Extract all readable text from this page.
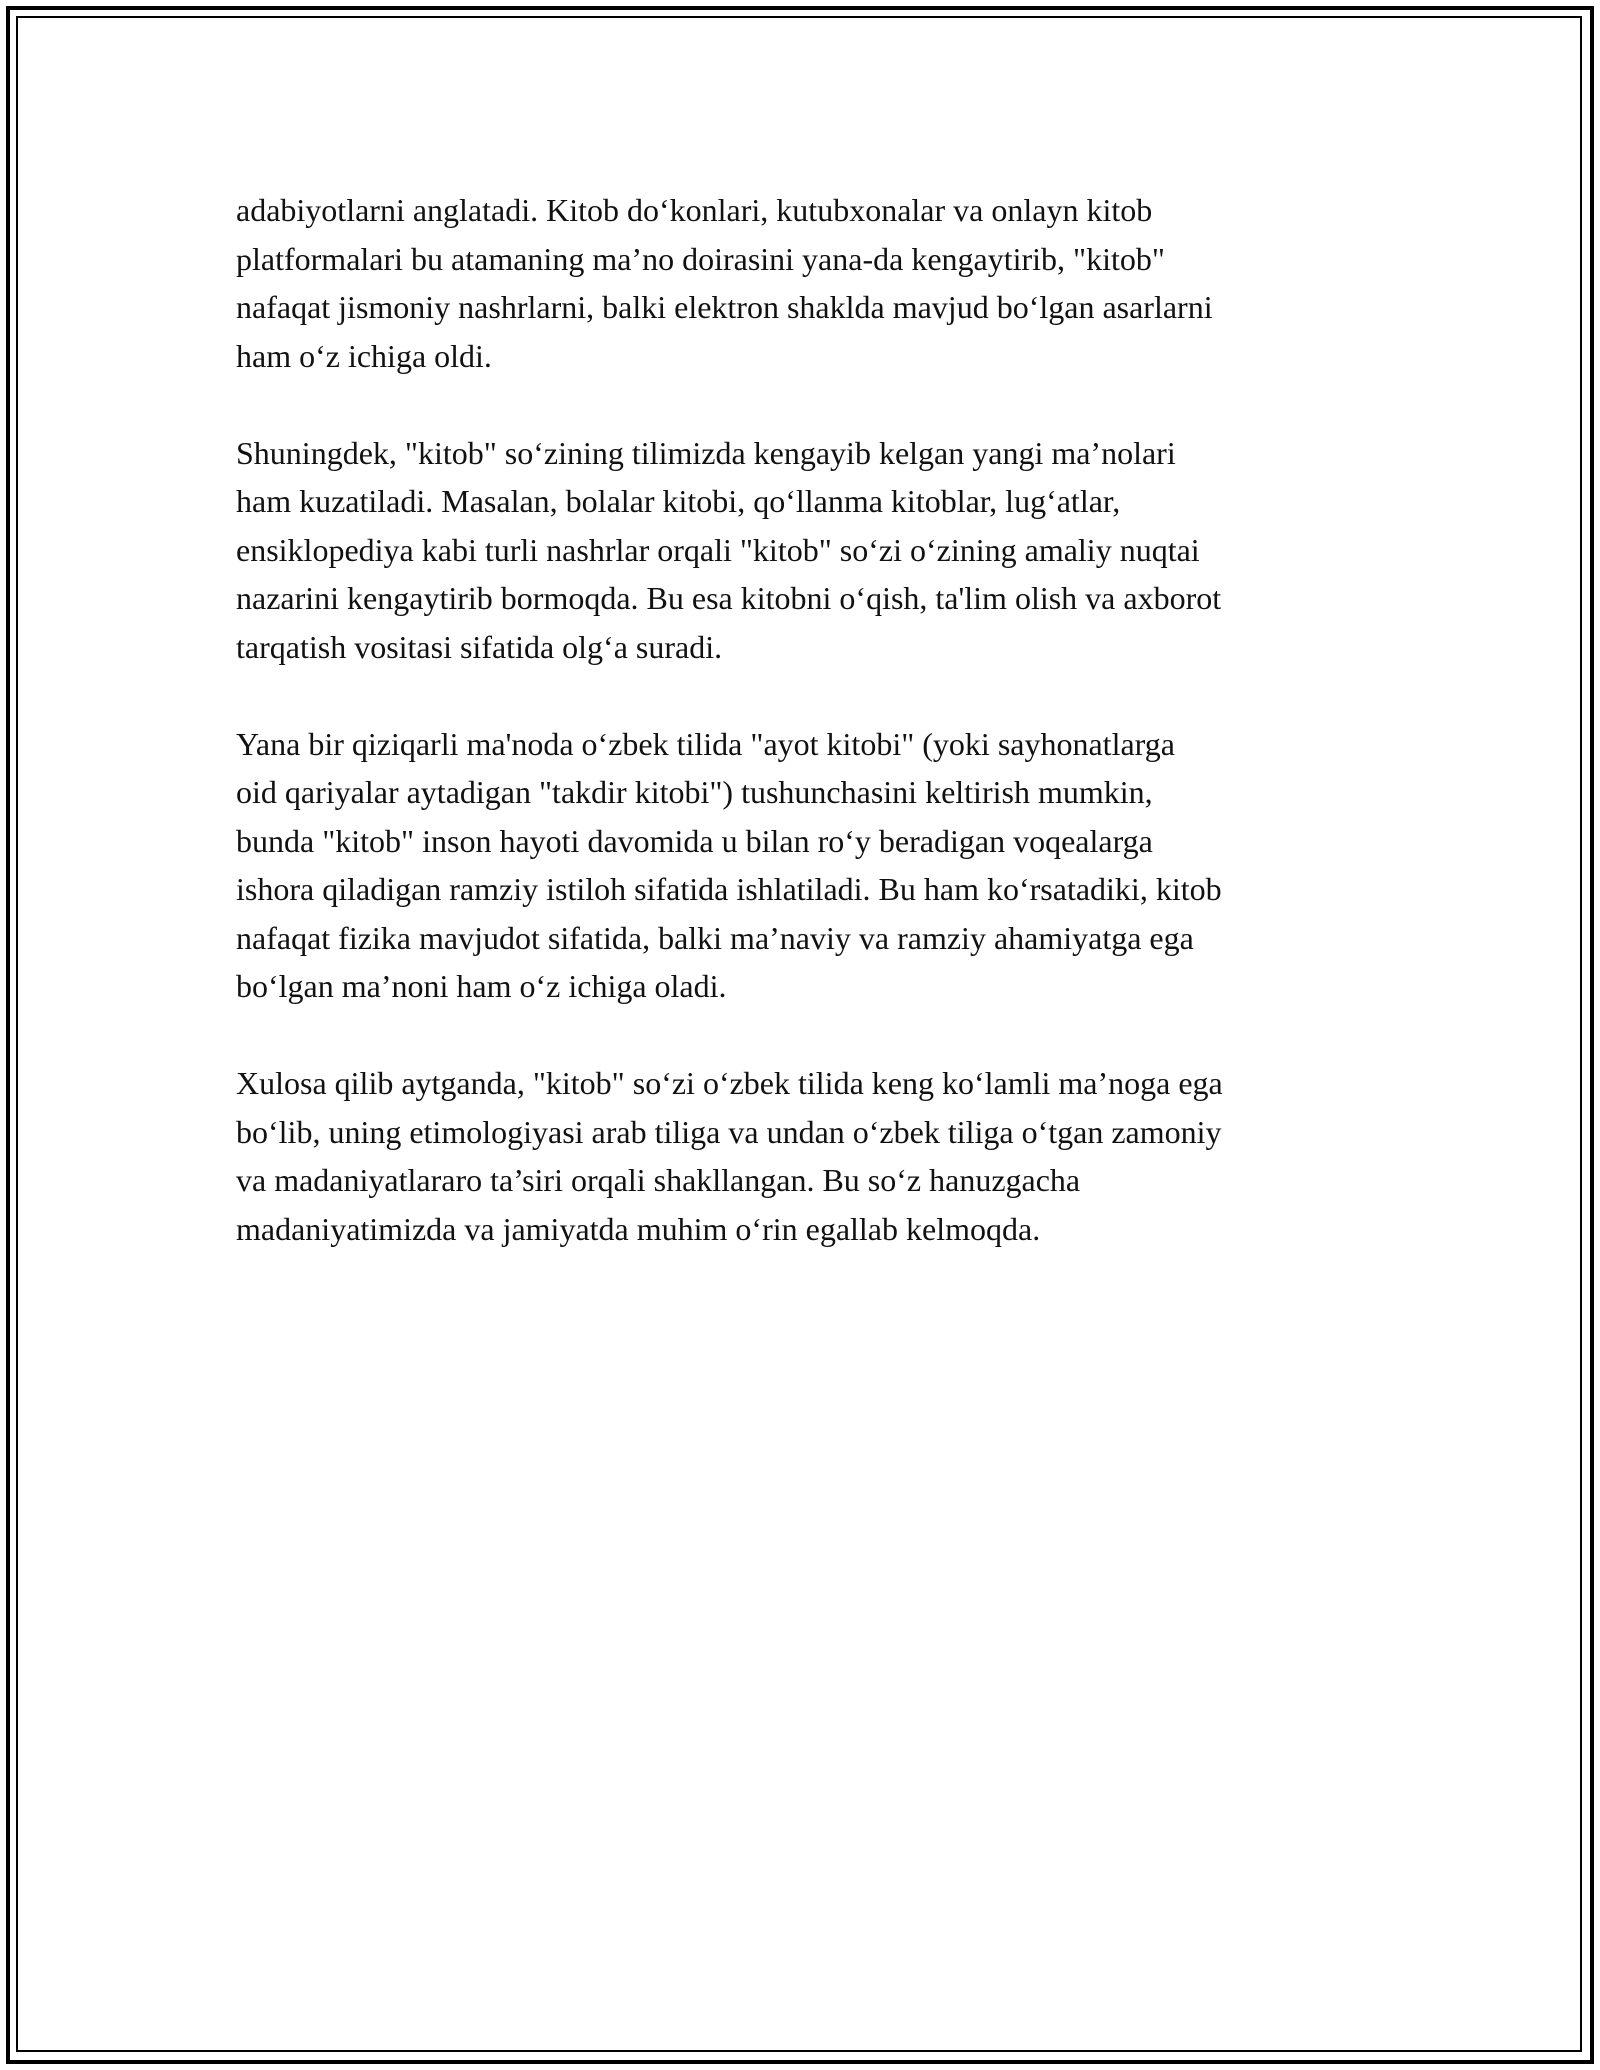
adabiyotlarni anglatadi. Kitob do‘konlari, kutubxonalar va onlayn kitob
platformalari bu atamaning ma’no doirasini yana-da kengaytirib, "kitob"
nafaqat jismoniy nashrlarni, balki elektron shaklda mavjud bo‘lgan asarlarni
ham o‘z ichiga oldi.

Shuningdek, "kitob" so‘zining tilimizda kengayib kelgan yangi ma’nolari
ham kuzatiladi. Masalan, bolalar kitobi, qo‘llanma kitoblar, lug‘atlar,
ensiklopediya kabi turli nashrlar orqali "kitob" so‘zi o‘zining amaliy nuqtai
nazarini kengaytirib bormoqda. Bu esa kitobni o‘qish, ta'lim olish va axborot
tarqatish vositasi sifatida olg‘a suradi.

Yana bir qiziqarli ma'noda o‘zbek tilida "ayot kitobi" (yoki sayhonatlarga
oid qariyalar aytadigan "takdir kitobi") tushunchasini keltirish mumkin,
bunda "kitob" inson hayoti davomida u bilan ro‘y beradigan voqealarga
ishora qiladigan ramziy istiloh sifatida ishlatiladi. Bu ham ko‘rsatadiki, kitob
nafaqat fizika mavjudot sifatida, balki ma’naviy va ramziy ahamiyatga ega
bo‘lgan ma’noni ham o‘z ichiga oladi.

Xulosa qilib aytganda, "kitob" so‘zi o‘zbek tilida keng ko‘lamli ma’noga ega
bo‘lib, uning etimologiyasi arab tiliga va undan o‘zbek tiliga o‘tgan zamoniy
va madaniyatlararo ta’siri orqali shakllangan. Bu so‘z hanuzgacha
madaniyatimizda va jamiyatda muhim o‘rin egallab kelmoqda.
